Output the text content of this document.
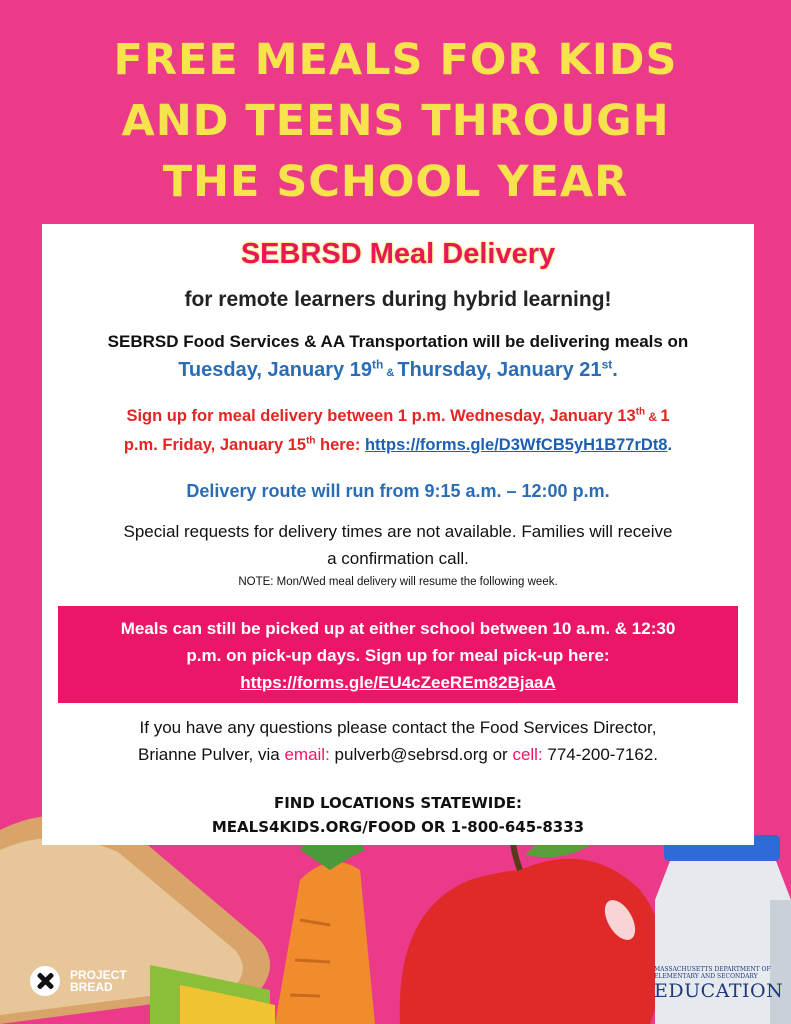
FREE MEALS FOR KIDS
AND TEENS THROUGH
THE SCHOOL YEAR
SEBRSD Meal Delivery
for remote learners during hybrid learning!
SEBRSD Food Services & AA Transportation will be delivering meals on
Tuesday, January 19th & Thursday, January 21st.
Sign up for meal delivery between 1 p.m. Wednesday, January 13th & 1
p.m. Friday, January 15th here: https://forms.gle/D3WfCB5yH1B77rDt8.
Delivery route will run from 9:15 a.m. – 12:00 p.m.
Special requests for delivery times are not available. Families will receive
a confirmation call.
NOTE: Mon/Wed meal delivery will resume the following week.
Meals can still be picked up at either school between 10 a.m. & 12:30
p.m. on pick-up days. Sign up for meal pick-up here:
https://forms.gle/EU4cZeeREm82BjaaA
If you have any questions please contact the Food Services Director,
Brianne Pulver, via email: pulverb@sebrsd.org or cell: 774-200-7162.
FIND LOCATIONS STATEWIDE:
MEALS4KIDS.ORG/FOOD OR 1-800-645-8333
PROJECT
BREAD
MASSACHUSETTS DEPARTMENT OF
ELEMENTARY AND SECONDARY
EDUCATION
